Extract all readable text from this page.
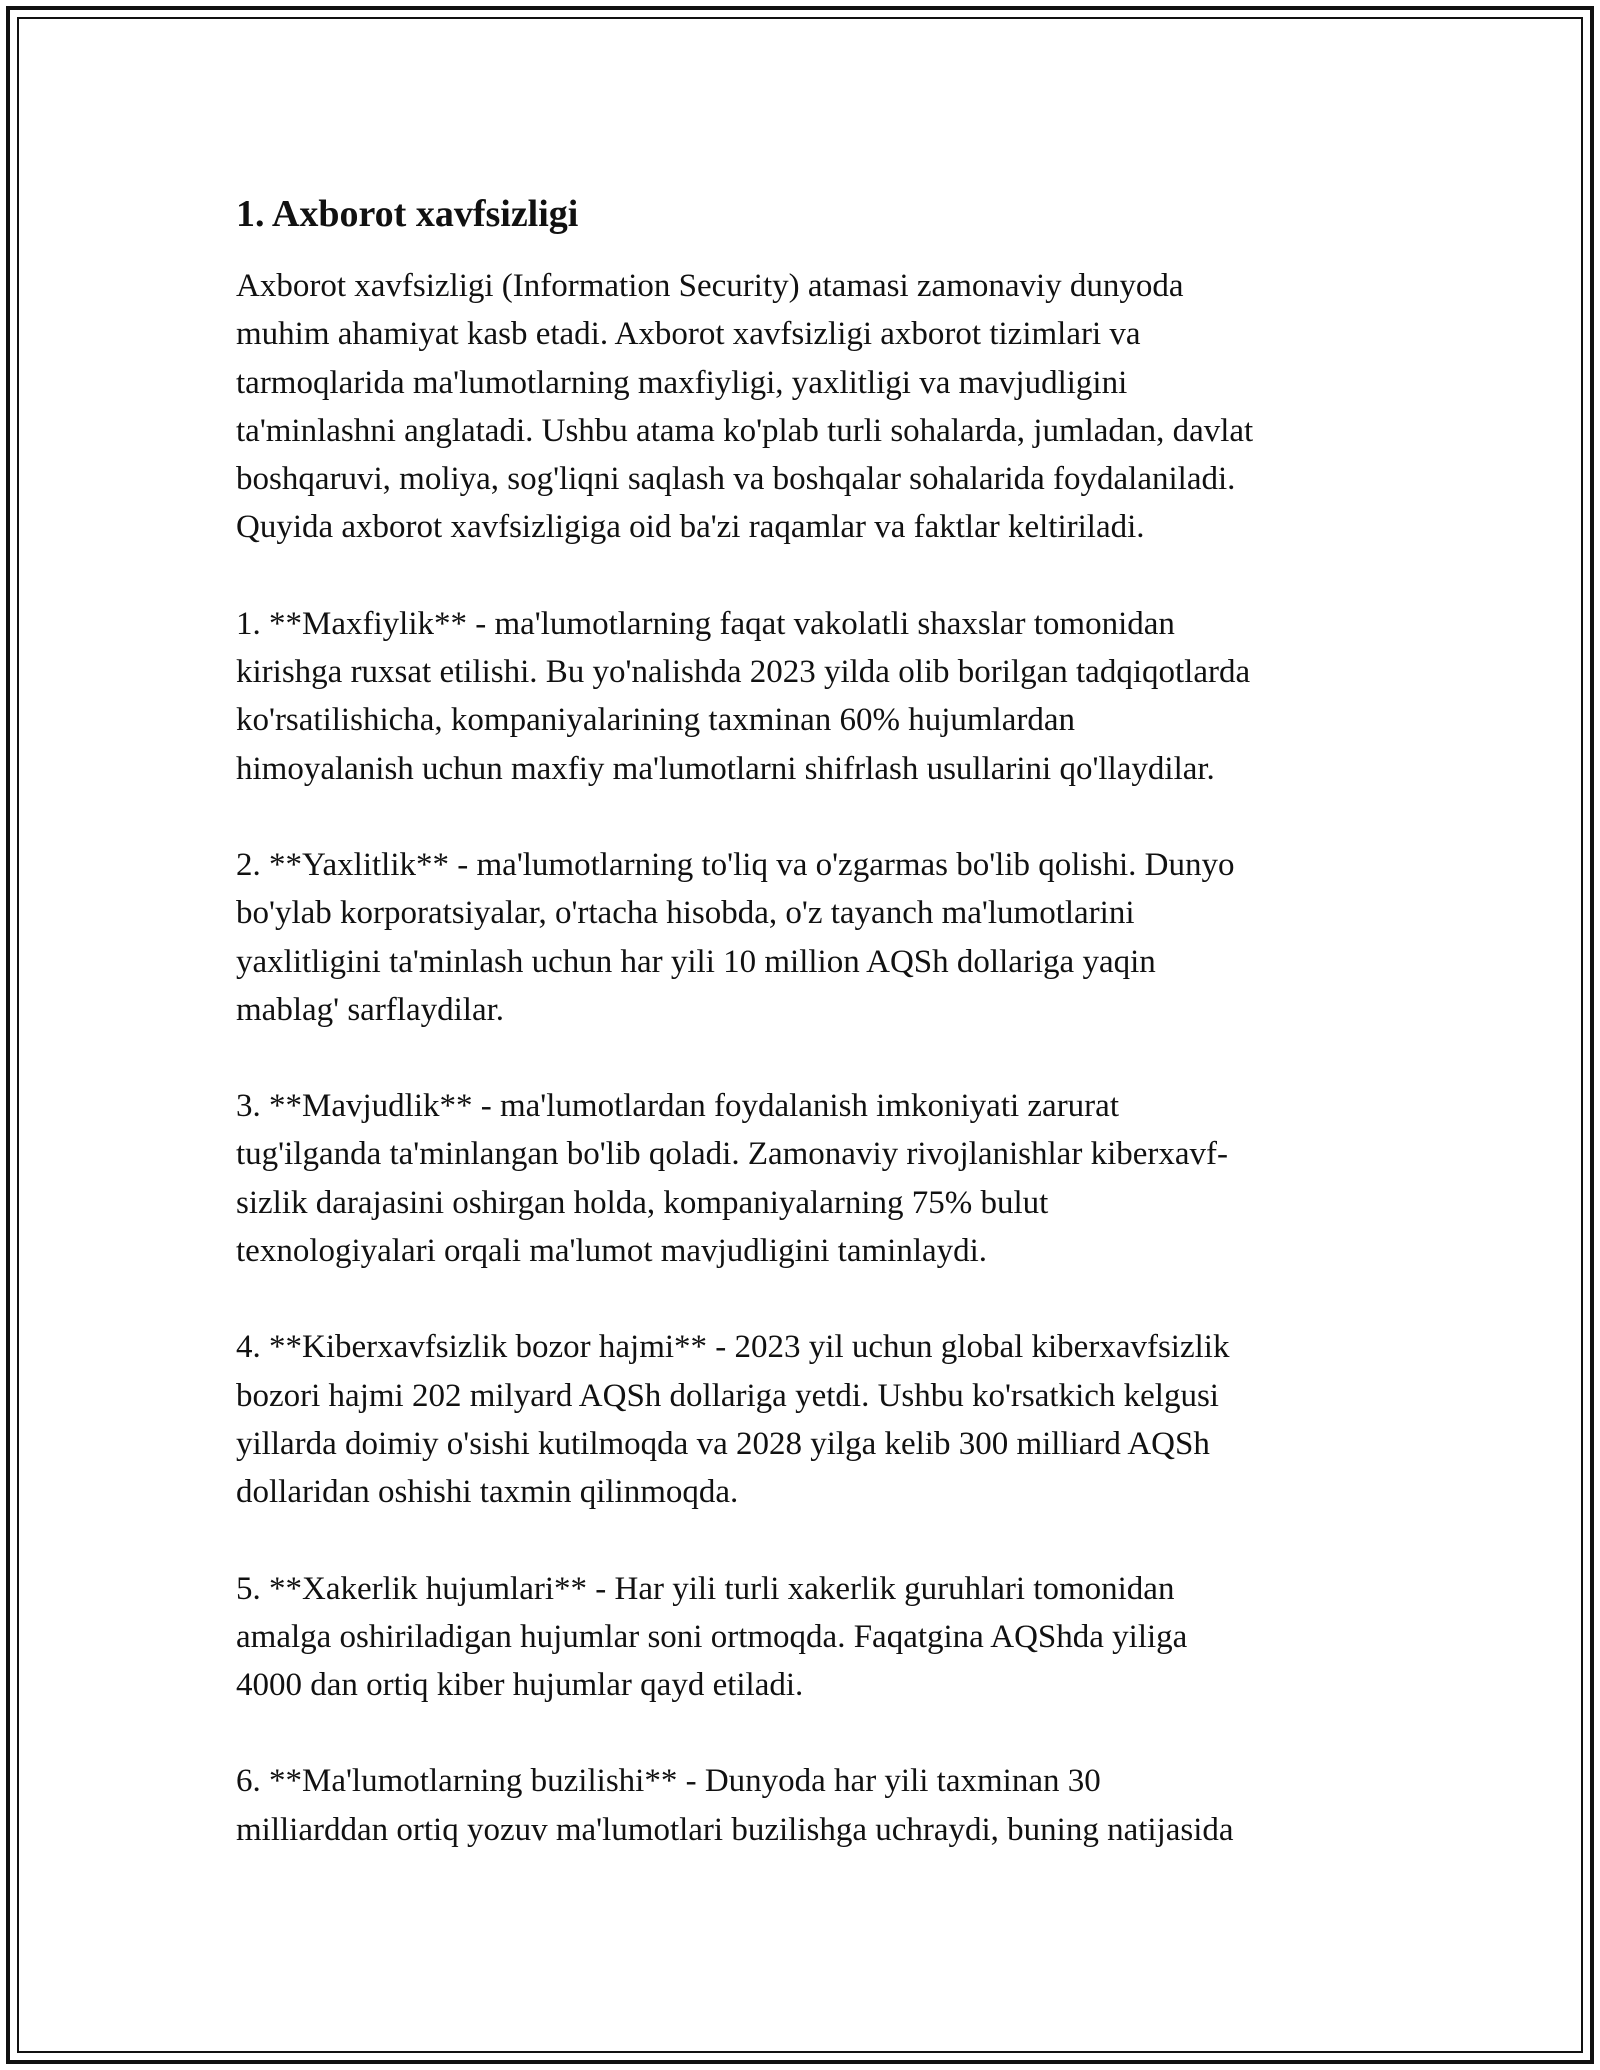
1. Axborot xavfsizligi

Axborot xavfsizligi (Information Security) atamasi zamonaviy dunyoda
muhim ahamiyat kasb etadi. Axborot xavfsizligi axborot tizimlari va
tarmoqlarida ma'lumotlarning maxfiyligi, yaxlitligi va mavjudligini
ta'minlashni anglatadi. Ushbu atama ko'plab turli sohalarda, jumladan, davlat
boshqaruvi, moliya, sog'liqni saqlash va boshqalar sohalarida foydalaniladi.
Quyida axborot xavfsizligiga oid ba'zi raqamlar va faktlar keltiriladi.

1. **Maxfiylik** - ma'lumotlarning faqat vakolatli shaxslar tomonidan
kirishga ruxsat etilishi. Bu yo'nalishda 2023 yilda olib borilgan tadqiqotlarda
ko'rsatilishicha, kompaniyalarining taxminan 60% hujumlardan
himoyalanish uchun maxfiy ma'lumotlarni shifrlash usullarini qo'llaydilar.

2. **Yaxlitlik** - ma'lumotlarning to'liq va o'zgarmas bo'lib qolishi. Dunyo
bo'ylab korporatsiyalar, o'rtacha hisobda, o'z tayanch ma'lumotlarini
yaxlitligini ta'minlash uchun har yili 10 million AQSh dollariga yaqin
mablag' sarflaydilar.

3. **Mavjudlik** - ma'lumotlardan foydalanish imkoniyati zarurat
tug'ilganda ta'minlangan bo'lib qoladi. Zamonaviy rivojlanishlar kiberxavf-
sizlik darajasini oshirgan holda, kompaniyalarning 75% bulut
texnologiyalari orqali ma'lumot mavjudligini taminlaydi.

4. **Kiberxavfsizlik bozor hajmi** - 2023 yil uchun global kiberxavfsizlik
bozori hajmi 202 milyard AQSh dollariga yetdi. Ushbu ko'rsatkich kelgusi
yillarda doimiy o'sishi kutilmoqda va 2028 yilga kelib 300 milliard AQSh
dollaridan oshishi taxmin qilinmoqda.

5. **Xakerlik hujumlari** - Har yili turli xakerlik guruhlari tomonidan
amalga oshiriladigan hujumlar soni ortmoqda. Faqatgina AQShda yiliga
4000 dan ortiq kiber hujumlar qayd etiladi.

6. **Ma'lumotlarning buzilishi** - Dunyoda har yili taxminan 30
milliarddan ortiq yozuv ma'lumotlari buzilishga uchraydi, buning natijasida
